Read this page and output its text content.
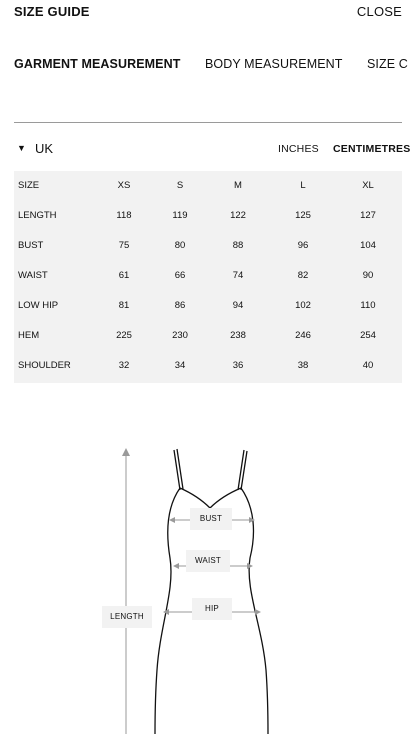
SIZE GUIDE	CLOSE
GARMENT MEASUREMENT BODY MEASUREMENT SIZE C
▼ UK	INCHES CENTIMETRES
SIZE	XS	S	M	L	XL
LENGTH	118	119	122	125	127
BUST	75	80	88	96	104
WAIST	61	66	74	82	90
LOW HIP	81	86	94	102	110
HEM	225	230	238	246	254
SHOULDER	32	34	36	38	40
BUST
WAIST
HIP
LENGTH
